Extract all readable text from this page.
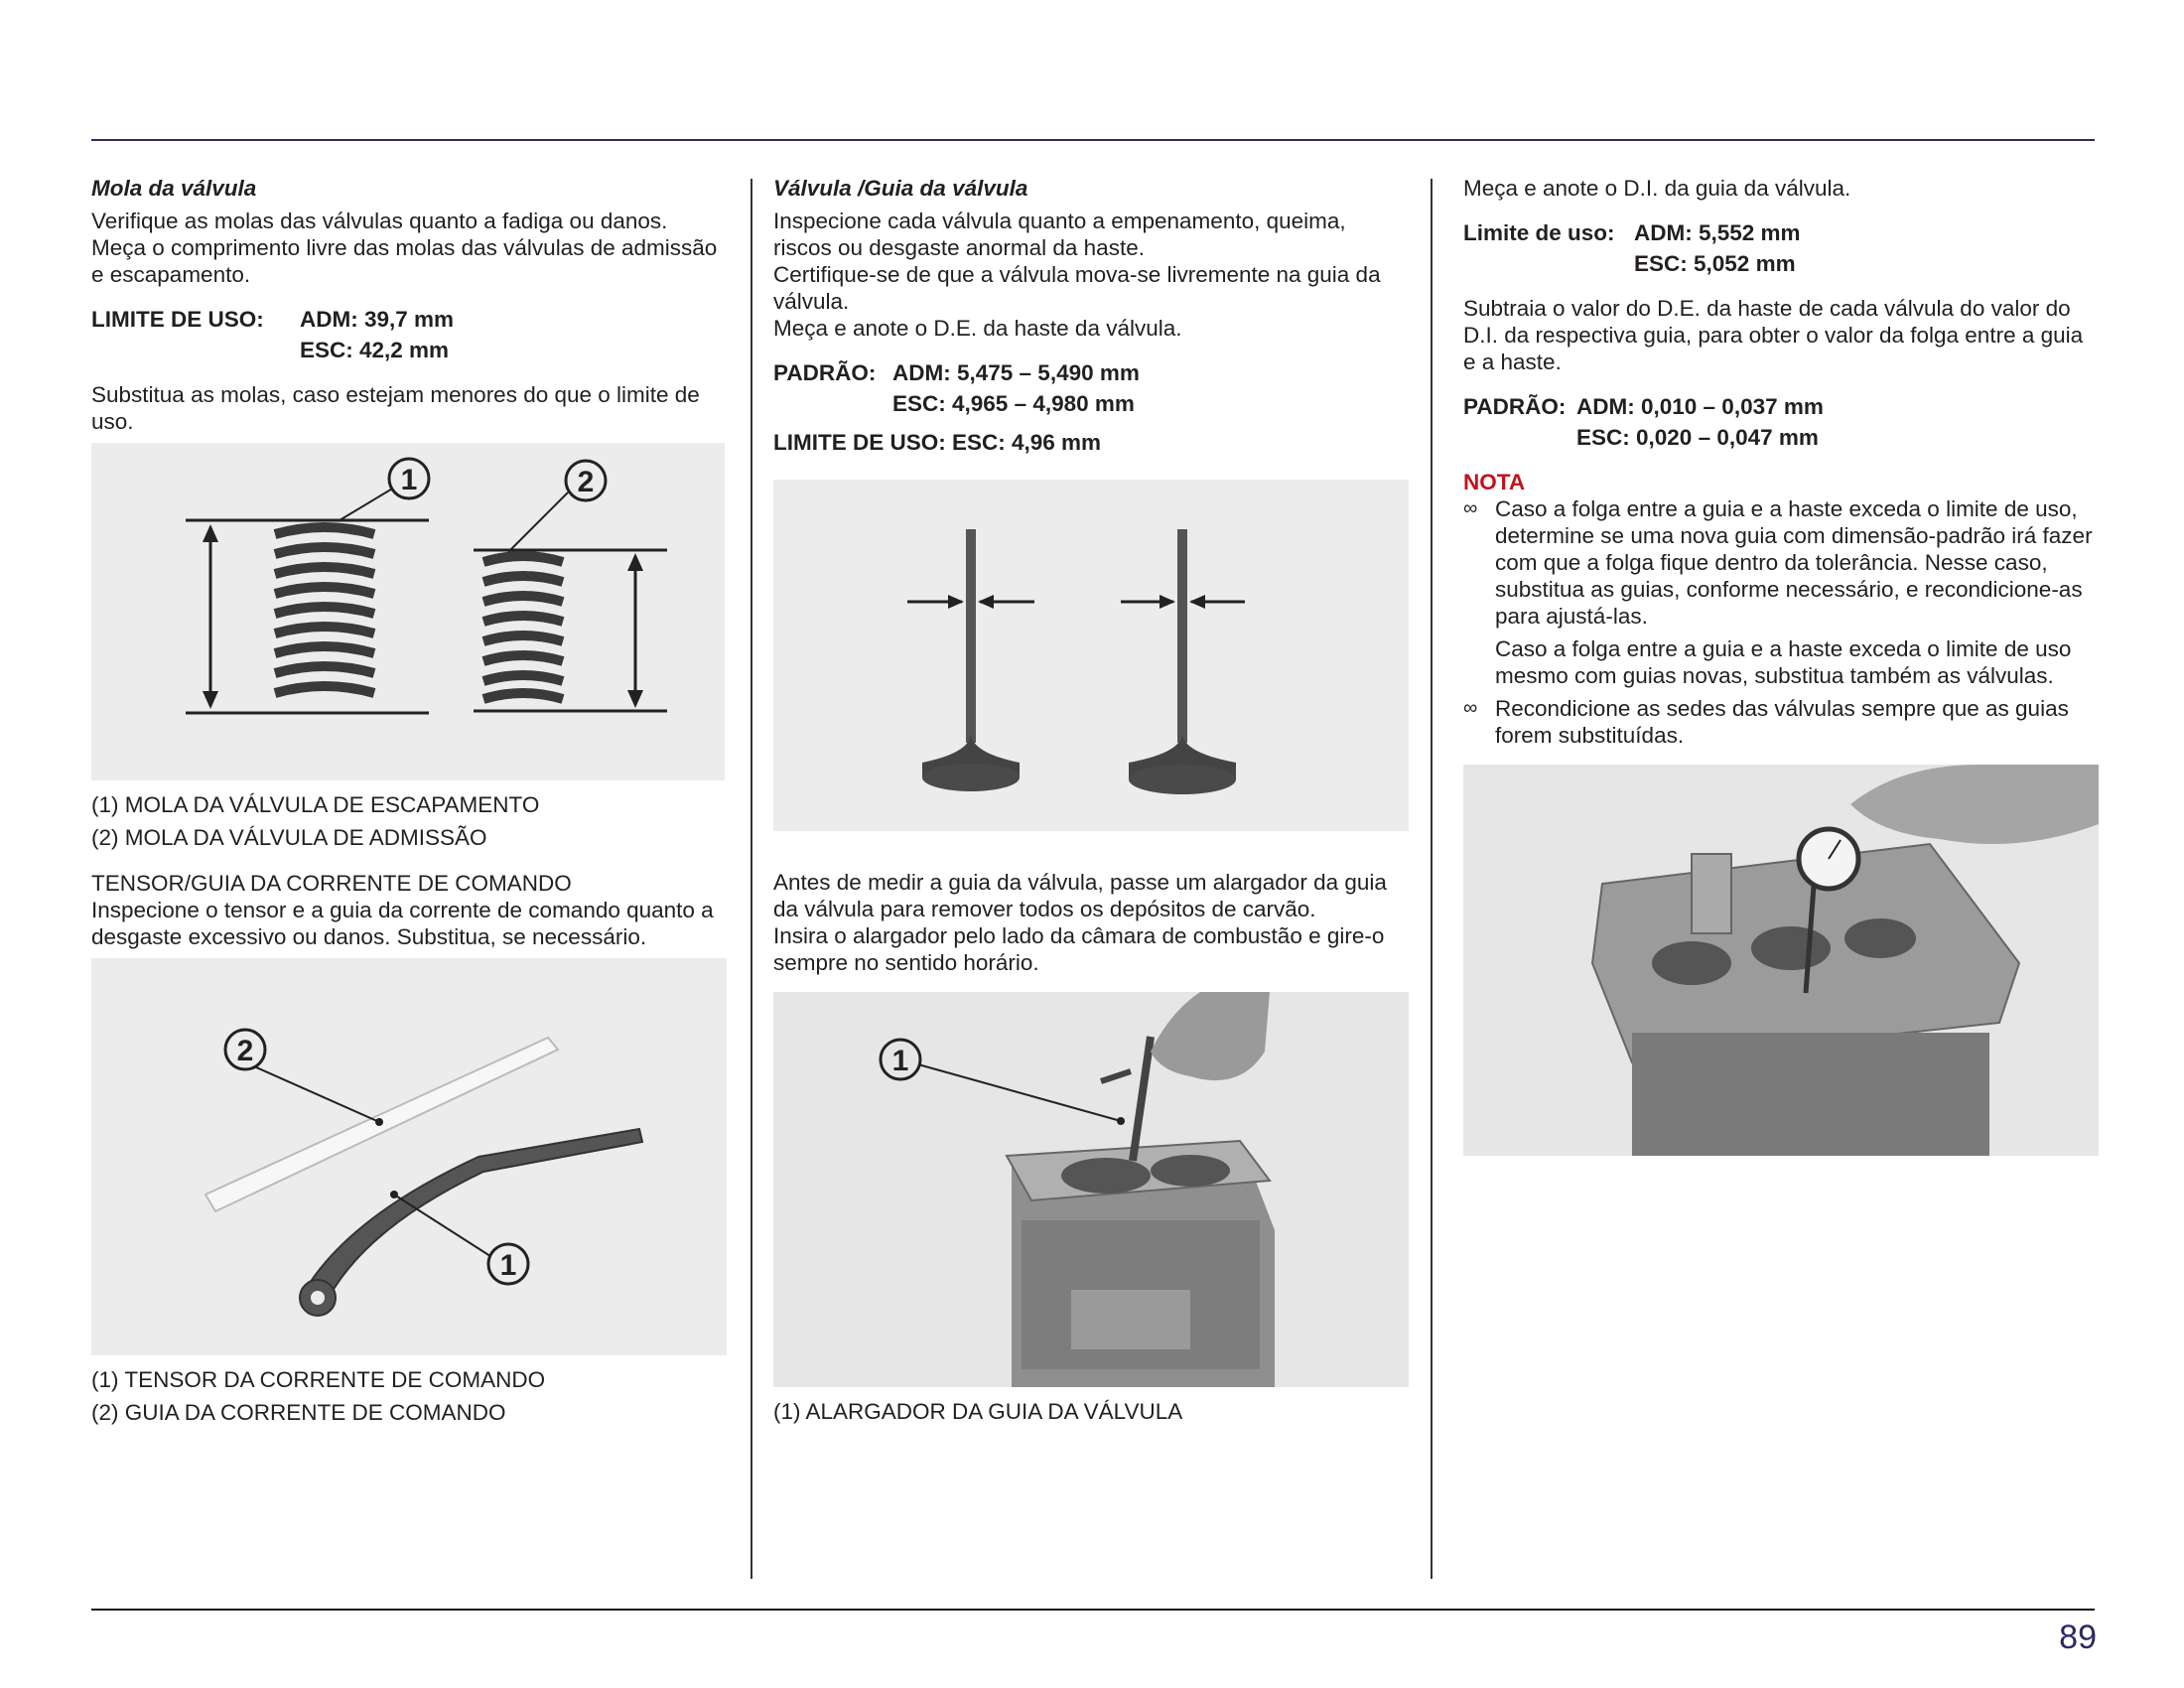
Mola da válvula

Verifique as molas das válvulas quanto a fadiga ou danos.

Meça o comprimento livre das molas das válvulas de admissão e escapamento.

LIMITE DE USO:	ADM: 39,7 mm
ESC: 42,2 mm

Substitua as molas, caso estejam menores do que o limite de uso.

1	2
(1) MOLA DA VÁLVULA DE ESCAPAMENTO
(2) MOLA DA VÁLVULA DE ADMISSÃO

TENSOR/GUIA DA CORRENTE DE COMANDO

Inspecione o tensor e a guia da corrente de comando quanto a desgaste excessivo ou danos. Substitua, se necessário.

2
1
(1) TENSOR DA CORRENTE DE COMANDO
(2) GUIA DA CORRENTE DE COMANDO

Válvula /Guia da válvula

Inspecione cada válvula quanto a empenamento, queima, riscos ou desgaste anormal da haste.

Certifique-se de que a válvula mova-se livremente na guia da válvula.

Meça e anote o D.E. da haste da válvula.

PADRÃO: ADM: 5,475 – 5,490 mm
ESC: 4,965 – 4,980 mm
LIMITE DE USO: ESC: 4,96 mm

Antes de medir a guia da válvula, passe um alargador da guia da válvula para remover todos os depósitos de carvão.

Insira o alargador pelo lado da câmara de combustão e gire-o sempre no sentido horário.

1
(1) ALARGADOR DA GUIA DA VÁLVULA

Meça e anote o D.I. da guia da válvula.

Limite de uso: ADM: 5,552 mm
ESC: 5,052 mm

Subtraia o valor do D.E. da haste de cada válvula do valor do D.I. da respectiva guia, para obter o valor da folga entre a guia e a haste.

PADRÃO: ADM: 0,010 – 0,037 mm
ESC: 0,020 – 0,047 mm

NOTA

∞ Caso a folga entre a guia e a haste exceda o limite de uso, determine se uma nova guia com dimensão-padrão irá fazer com que a folga fique dentro da tolerância. Nesse caso, substitua as guias, conforme necessário, e recondicione-as para ajustá-las.

Caso a folga entre a guia e a haste exceda o limite de uso mesmo com guias novas, substitua também as válvulas.

∞ Recondicione as sedes das válvulas sempre que as guias forem substituídas.

89
